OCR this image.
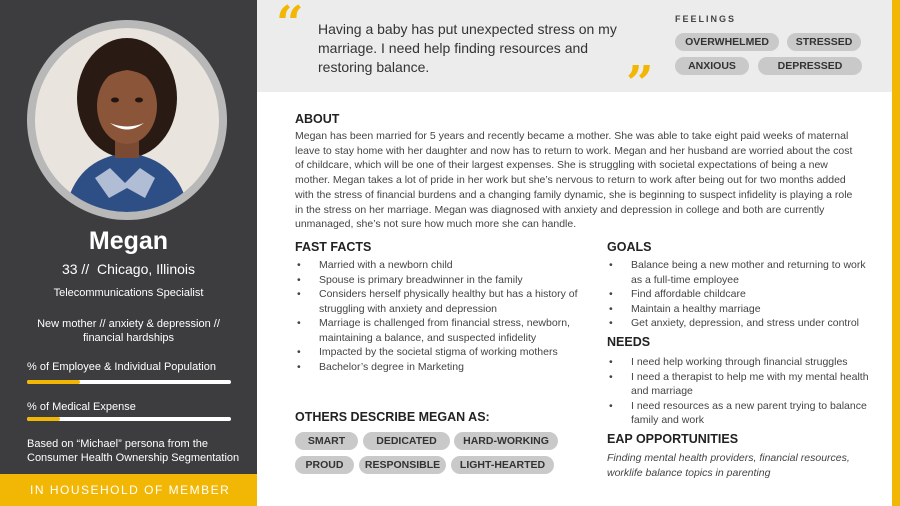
Megan
33 // Chicago, Illinois
Telecommunications Specialist
New mother // anxiety & depression // financial hardships
% of Employee & Individual Population
% of Medical Expense
Based on “Michael” persona from the Consumer Health Ownership Segmentation
IN HOUSEHOLD OF MEMBER
“ Having a baby has put unexpected stress on my marriage. I need help finding resources and restoring balance.	”
FEELINGS
OVERWHELMED	STRESSED
ANXIOUS	DEPRESSED
ABOUT
Megan has been married for 5 years and recently became a mother. She was able to take eight paid weeks of maternal leave to stay home with her daughter and now has to return to work. Megan and her husband are worried about the cost of childcare, which will be one of their largest expenses. She is struggling with societal expectations of being a new mother. Megan takes a lot of pride in her work but she’s nervous to return to work after being out for two months added with the stress of financial burdens and a changing family dynamic, she is beginning to suspect infidelity is playing a role in the stress on her marriage. Megan was diagnosed with anxiety and depression in college and both are currently unmanaged, she’s not sure how much more she can handle.
FAST FACTS
• Married with a newborn child
• Spouse is primary breadwinner in the family
• Considers herself physically healthy but has a history of struggling with anxiety and depression
• Marriage is challenged from financial stress, newborn, maintaining a balance, and suspected infidelity
• Impacted by the societal stigma of working mothers
• Bachelor’s degree in Marketing
GOALS
• Balance being a new mother and returning to work as a full-time employee
• Find affordable childcare
• Maintain a healthy marriage
• Get anxiety, depression, and stress under control
NEEDS
• I need help working through financial struggles
• I need a therapist to help me with my mental health and marriage
• I need resources as a new parent trying to balance family and work
OTHERS DESCRIBE MEGAN AS:
SMART	DEDICATED	HARD-WORKING
PROUD	RESPONSIBLE	LIGHT-HEARTED
EAP OPPORTUNITIES
Finding mental health providers, financial resources, worklife balance topics in parenting
